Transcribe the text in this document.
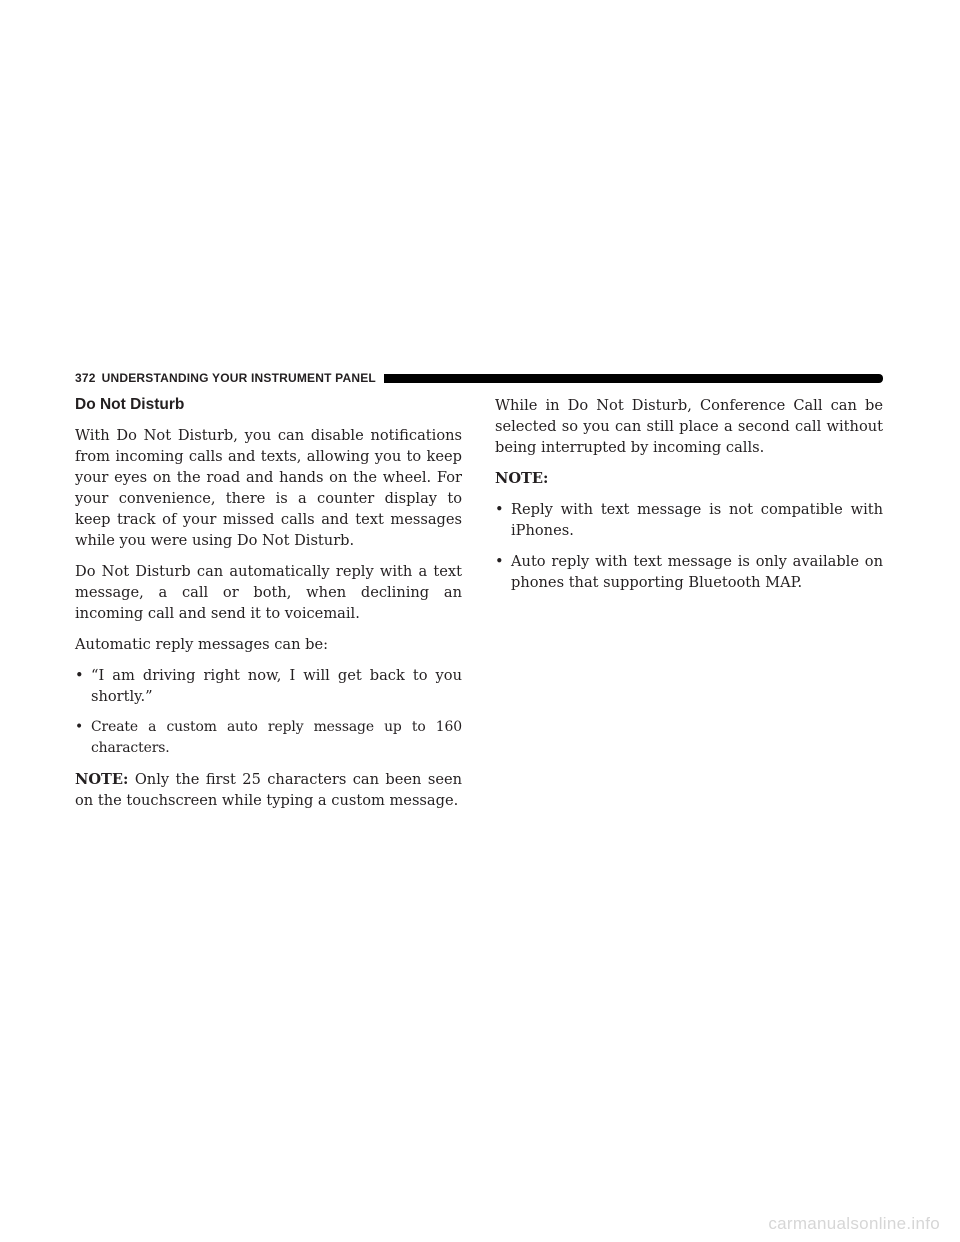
372 UNDERSTANDING YOUR INSTRUMENT PANEL
Do Not Disturb

With Do Not Disturb, you can disable notifications from incoming calls and texts, allowing you to keep your eyes on the road and hands on the wheel. For your convenience, there is a counter display to keep track of your missed calls and text messages while you were using Do Not Disturb.

Do Not Disturb can automatically reply with a text message, a call or both, when declining an incoming call and send it to voicemail.

Automatic reply messages can be:

• “I am driving right now, I will get back to you shortly.”
• Create a custom auto reply message up to 160 characters.

NOTE: Only the first 25 characters can been seen on the touchscreen while typing a custom message.

While in Do Not Disturb, Conference Call can be selected so you can still place a second call without being interrupted by incoming calls.

NOTE:

• Reply with text message is not compatible with iPhones.
• Auto reply with text message is only available on phones that supporting Bluetooth MAP.
carmanualsonline.info
